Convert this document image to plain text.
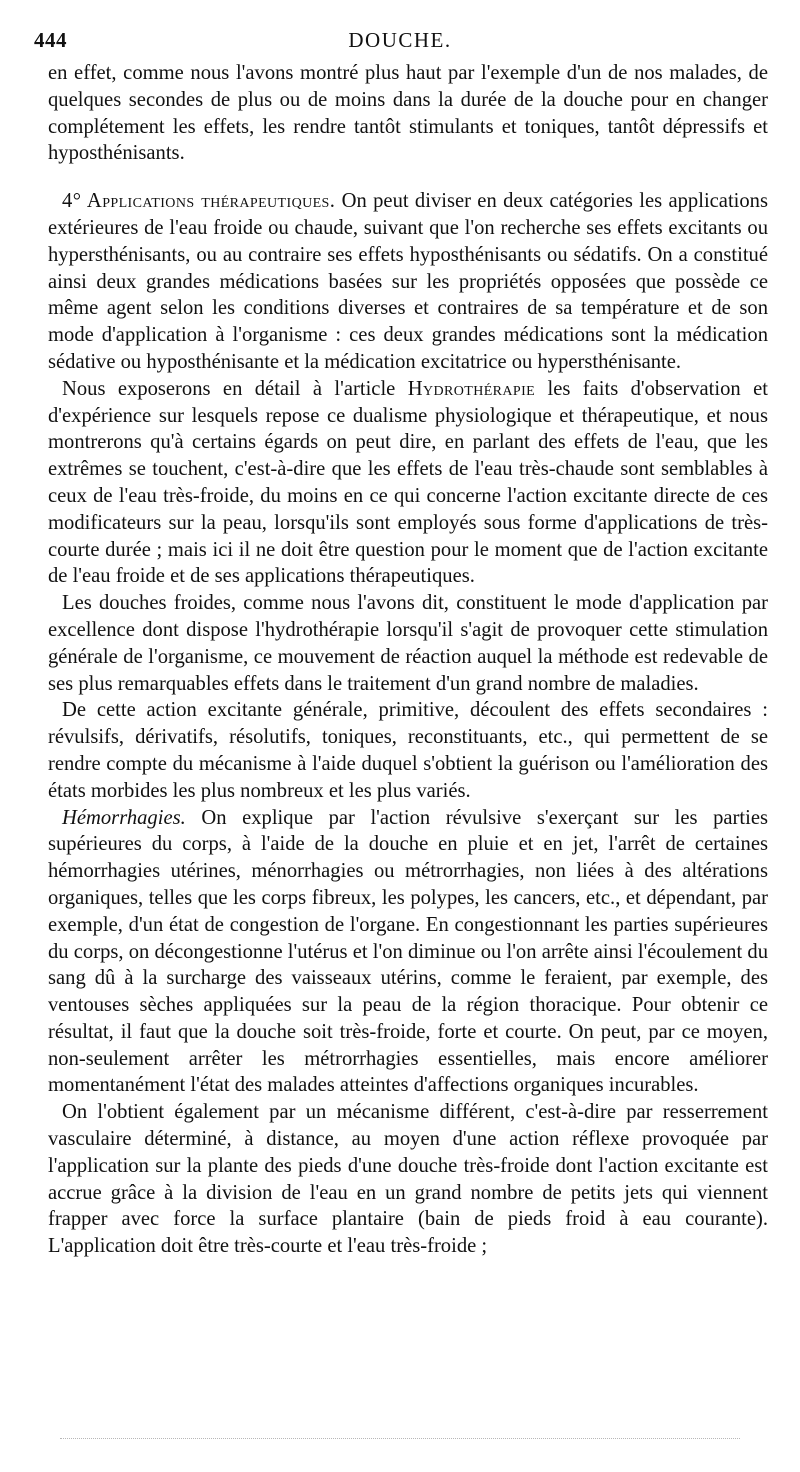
444	DOUCHE.

en effet, comme nous l'avons montré plus haut par l'exemple d'un de nos malades, de quelques secondes de plus ou de moins dans la durée de la douche pour en changer complétement les effets, les rendre tantôt stimulants et toniques, tantôt dépressifs et hyposthénisants.

4° Applications thérapeutiques. On peut diviser en deux catégories les applications extérieures de l'eau froide ou chaude, suivant que l'on recherche ses effets excitants ou hypersthénisants, ou au contraire ses effets hyposthénisants ou sédatifs. On a constitué ainsi deux grandes médications basées sur les propriétés opposées que possède ce même agent selon les conditions diverses et contraires de sa température et de son mode d'application à l'organisme : ces deux grandes médications sont la médication sédative ou hyposthénisante et la médication excitatrice ou hypersthénisante.

Nous exposerons en détail à l'article Hydrothérapie les faits d'observation et d'expérience sur lesquels repose ce dualisme physiologique et thérapeutique, et nous montrerons qu'à certains égards on peut dire, en parlant des effets de l'eau, que les extrêmes se touchent, c'est-à-dire que les effets de l'eau très-chaude sont semblables à ceux de l'eau très-froide, du moins en ce qui concerne l'action excitante directe de ces modificateurs sur la peau, lorsqu'ils sont employés sous forme d'applications de très-courte durée ; mais ici il ne doit être question pour le moment que de l'action excitante de l'eau froide et de ses applications thérapeutiques.

Les douches froides, comme nous l'avons dit, constituent le mode d'application par excellence dont dispose l'hydrothérapie lorsqu'il s'agit de provoquer cette stimulation générale de l'organisme, ce mouvement de réaction auquel la méthode est redevable de ses plus remarquables effets dans le traitement d'un grand nombre de maladies.

De cette action excitante générale, primitive, découlent des effets secondaires : révulsifs, dérivatifs, résolutifs, toniques, reconstituants, etc., qui permettent de se rendre compte du mécanisme à l'aide duquel s'obtient la guérison ou l'amélioration des états morbides les plus nombreux et les plus variés.

Hémorrhagies. On explique par l'action révulsive s'exerçant sur les parties supérieures du corps, à l'aide de la douche en pluie et en jet, l'arrêt de certaines hémorrhagies utérines, ménorrhagies ou métrorrhagies, non liées à des altérations organiques, telles que les corps fibreux, les polypes, les cancers, etc., et dépendant, par exemple, d'un état de congestion de l'organe. En congestionnant les parties supérieures du corps, on décongestionne l'utérus et l'on diminue ou l'on arrête ainsi l'écoulement du sang dû à la surcharge des vaisseaux utérins, comme le feraient, par exemple, des ventouses sèches appliquées sur la peau de la région thoracique. Pour obtenir ce résultat, il faut que la douche soit très-froide, forte et courte. On peut, par ce moyen, non-seulement arrêter les métrorrhagies essentielles, mais encore améliorer momentanément l'état des malades atteintes d'affections organiques incurables.

On l'obtient également par un mécanisme différent, c'est-à-dire par resserrement vasculaire déterminé, à distance, au moyen d'une action réflexe provoquée par l'application sur la plante des pieds d'une douche très-froide dont l'action excitante est accrue grâce à la division de l'eau en un grand nombre de petits jets qui viennent frapper avec force la surface plantaire (bain de pieds froid à eau courante). L'application doit être très-courte et l'eau très-froide ;
